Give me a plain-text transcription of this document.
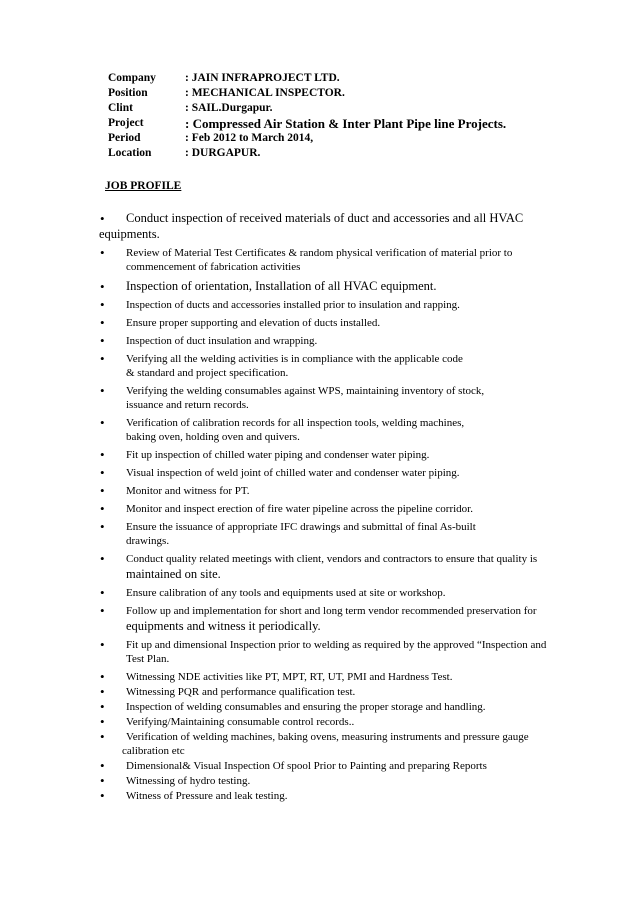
Company	: JAIN INFRAPROJECT LTD.
Position	: MECHANICAL INSPECTOR.
Clint	: SAIL.Durgapur.
Project	: Compressed Air Station & Inter Plant Pipe line Projects.
Period	: Feb 2012 to March 2014,
Location	: DURGAPUR.
JOB PROFILE
• Conduct inspection of received materials of duct and accessories and all HVAC
equipments.
• Review of Material Test Certificates & random physical verification of material prior to
commencement of fabrication activities
• Inspection of orientation, Installation of all HVAC equipment.
• Inspection of ducts and accessories installed prior to insulation and rapping.
• Ensure proper supporting and elevation of ducts installed.
• Inspection of duct insulation and wrapping.
• Verifying all the welding activities is in compliance with the applicable code
& standard and project specification.
• Verifying the welding consumables against WPS, maintaining inventory of stock,
issuance and return records.
• Verification of calibration records for all inspection tools, welding machines,
baking oven, holding oven and quivers.
• Fit up inspection of chilled water piping and condenser water piping.
• Visual inspection of weld joint of chilled water and condenser water piping.
• Monitor and witness for PT.
• Monitor and inspect erection of fire water pipeline across the pipeline corridor.
• Ensure the issuance of appropriate IFC drawings and submittal of final As-built
drawings.
• Conduct quality related meetings with client, vendors and contractors to ensure that quality is
maintained on site.
• Ensure calibration of any tools and equipments used at site or workshop.
• Follow up and implementation for short and long term vendor recommended preservation for
equipments and witness it periodically.
• Fit up and dimensional Inspection prior to welding as required by the approved “Inspection and
Test Plan.
• Witnessing NDE activities like PT, MPT, RT, UT, PMI and Hardness Test.
• Witnessing PQR and performance qualification test.
• Inspection of welding consumables and ensuring the proper storage and handling.
• Verifying/Maintaining consumable control records..
• Verification of welding machines, baking ovens, measuring instruments and pressure gauge
calibration etc
• Dimensional& Visual Inspection Of spool Prior to Painting and preparing Reports
• Witnessing of hydro testing.
• Witness of Pressure and leak testing.
